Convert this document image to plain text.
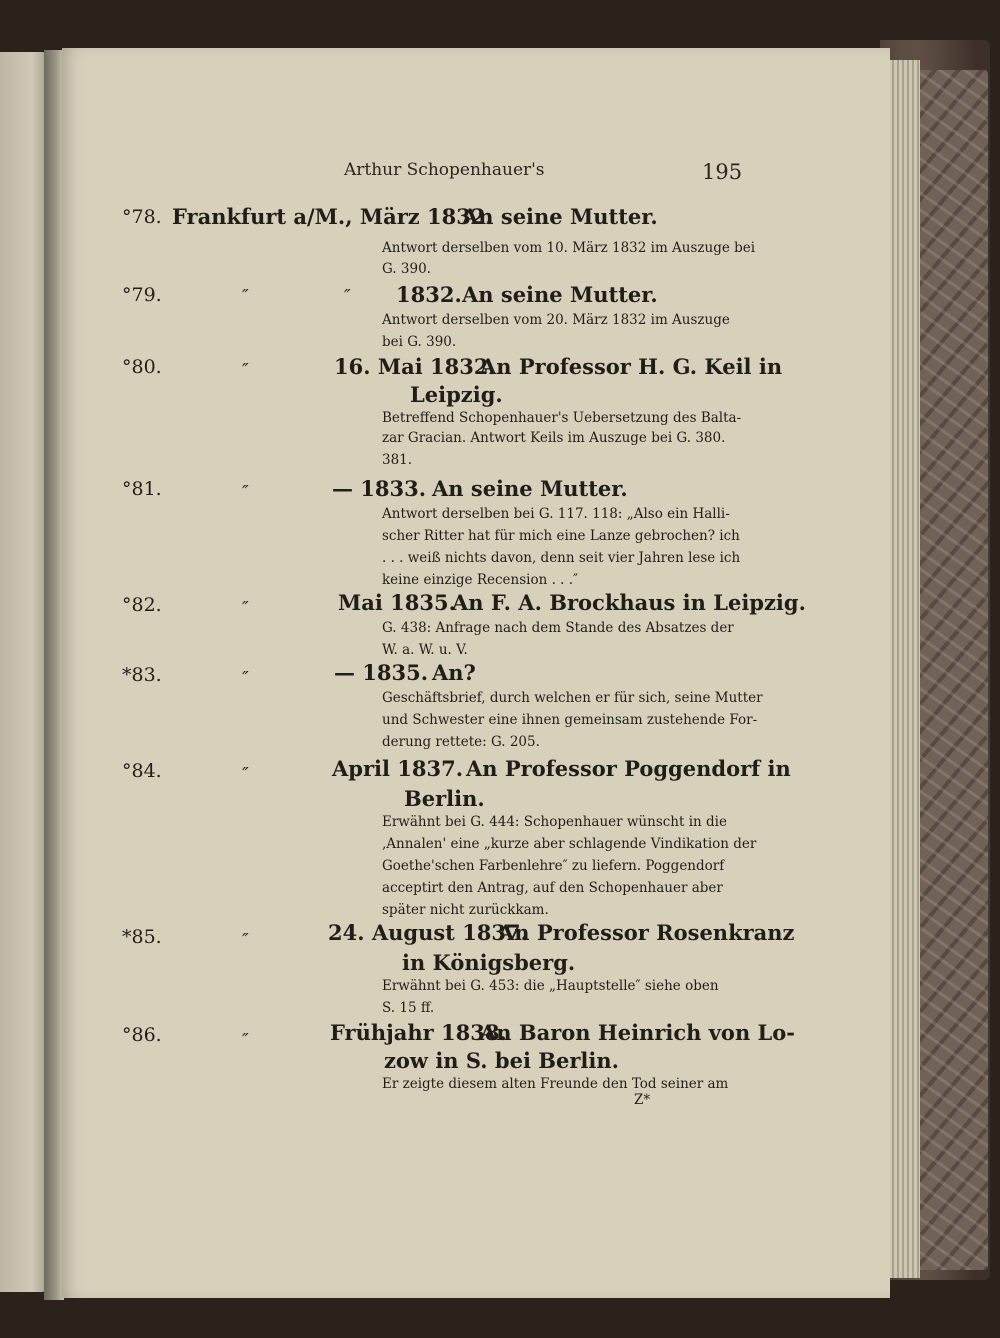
Arthur Schopenhauer's	195
°78. Frankfurt a/M., März 1832.
An seine Mutter.
Antwort derselben vom 10. März 1832 im Auszuge bei
G. 390.
°79.	″	″ 1832. An seine Mutter.
Antwort derselben vom 20. März 1832 im Auszuge
bei G. 390.
°80.	″	16. Mai 1832.
An Professor H. G. Keil in
Leipzig.
Betreffend Schopenhauer's Uebersetzung des Balta-
zar Gracian. Antwort Keils im Auszuge bei G. 380.
381.
°81.	″	— 1833. An seine Mutter.
Antwort derselben bei G. 117. 118: „Also ein Halli-
scher Ritter hat für mich eine Lanze gebrochen? ich
. . . weiß nichts davon, denn seit vier Jahren lese ich
keine einzige Recension . . .″
°82.	″	Mai 1835.
An F. A. Brockhaus in Leipzig.
G. 438: Anfrage nach dem Stande des Absatzes der
W. a. W. u. V.
*83.	″	— 1835. An?
Geschäftsbrief, durch welchen er für sich, seine Mutter
und Schwester eine ihnen gemeinsam zustehende For-
derung rettete: G. 205.
°84.	″	April 1837. An Professor Poggendorf in
Berlin.
Erwähnt bei G. 444: Schopenhauer wünscht in die
‚Annalen' eine „kurze aber schlagende Vindikation der
Goethe'schen Farbenlehre″ zu liefern. Poggendorf
acceptirt den Antrag, auf den Schopenhauer aber
später nicht zurückkam.
*85.	″	24. August 1837.
An Professor Rosenkranz
in Königsberg.
Erwähnt bei G. 453: die „Hauptstelle″ siehe oben
S. 15 ff.
°86.	″	Frühjahr 1838.
An Baron Heinrich von Lo-
zow in S. bei Berlin.
Er zeigte diesem alten Freunde den Tod seiner am
Z*
